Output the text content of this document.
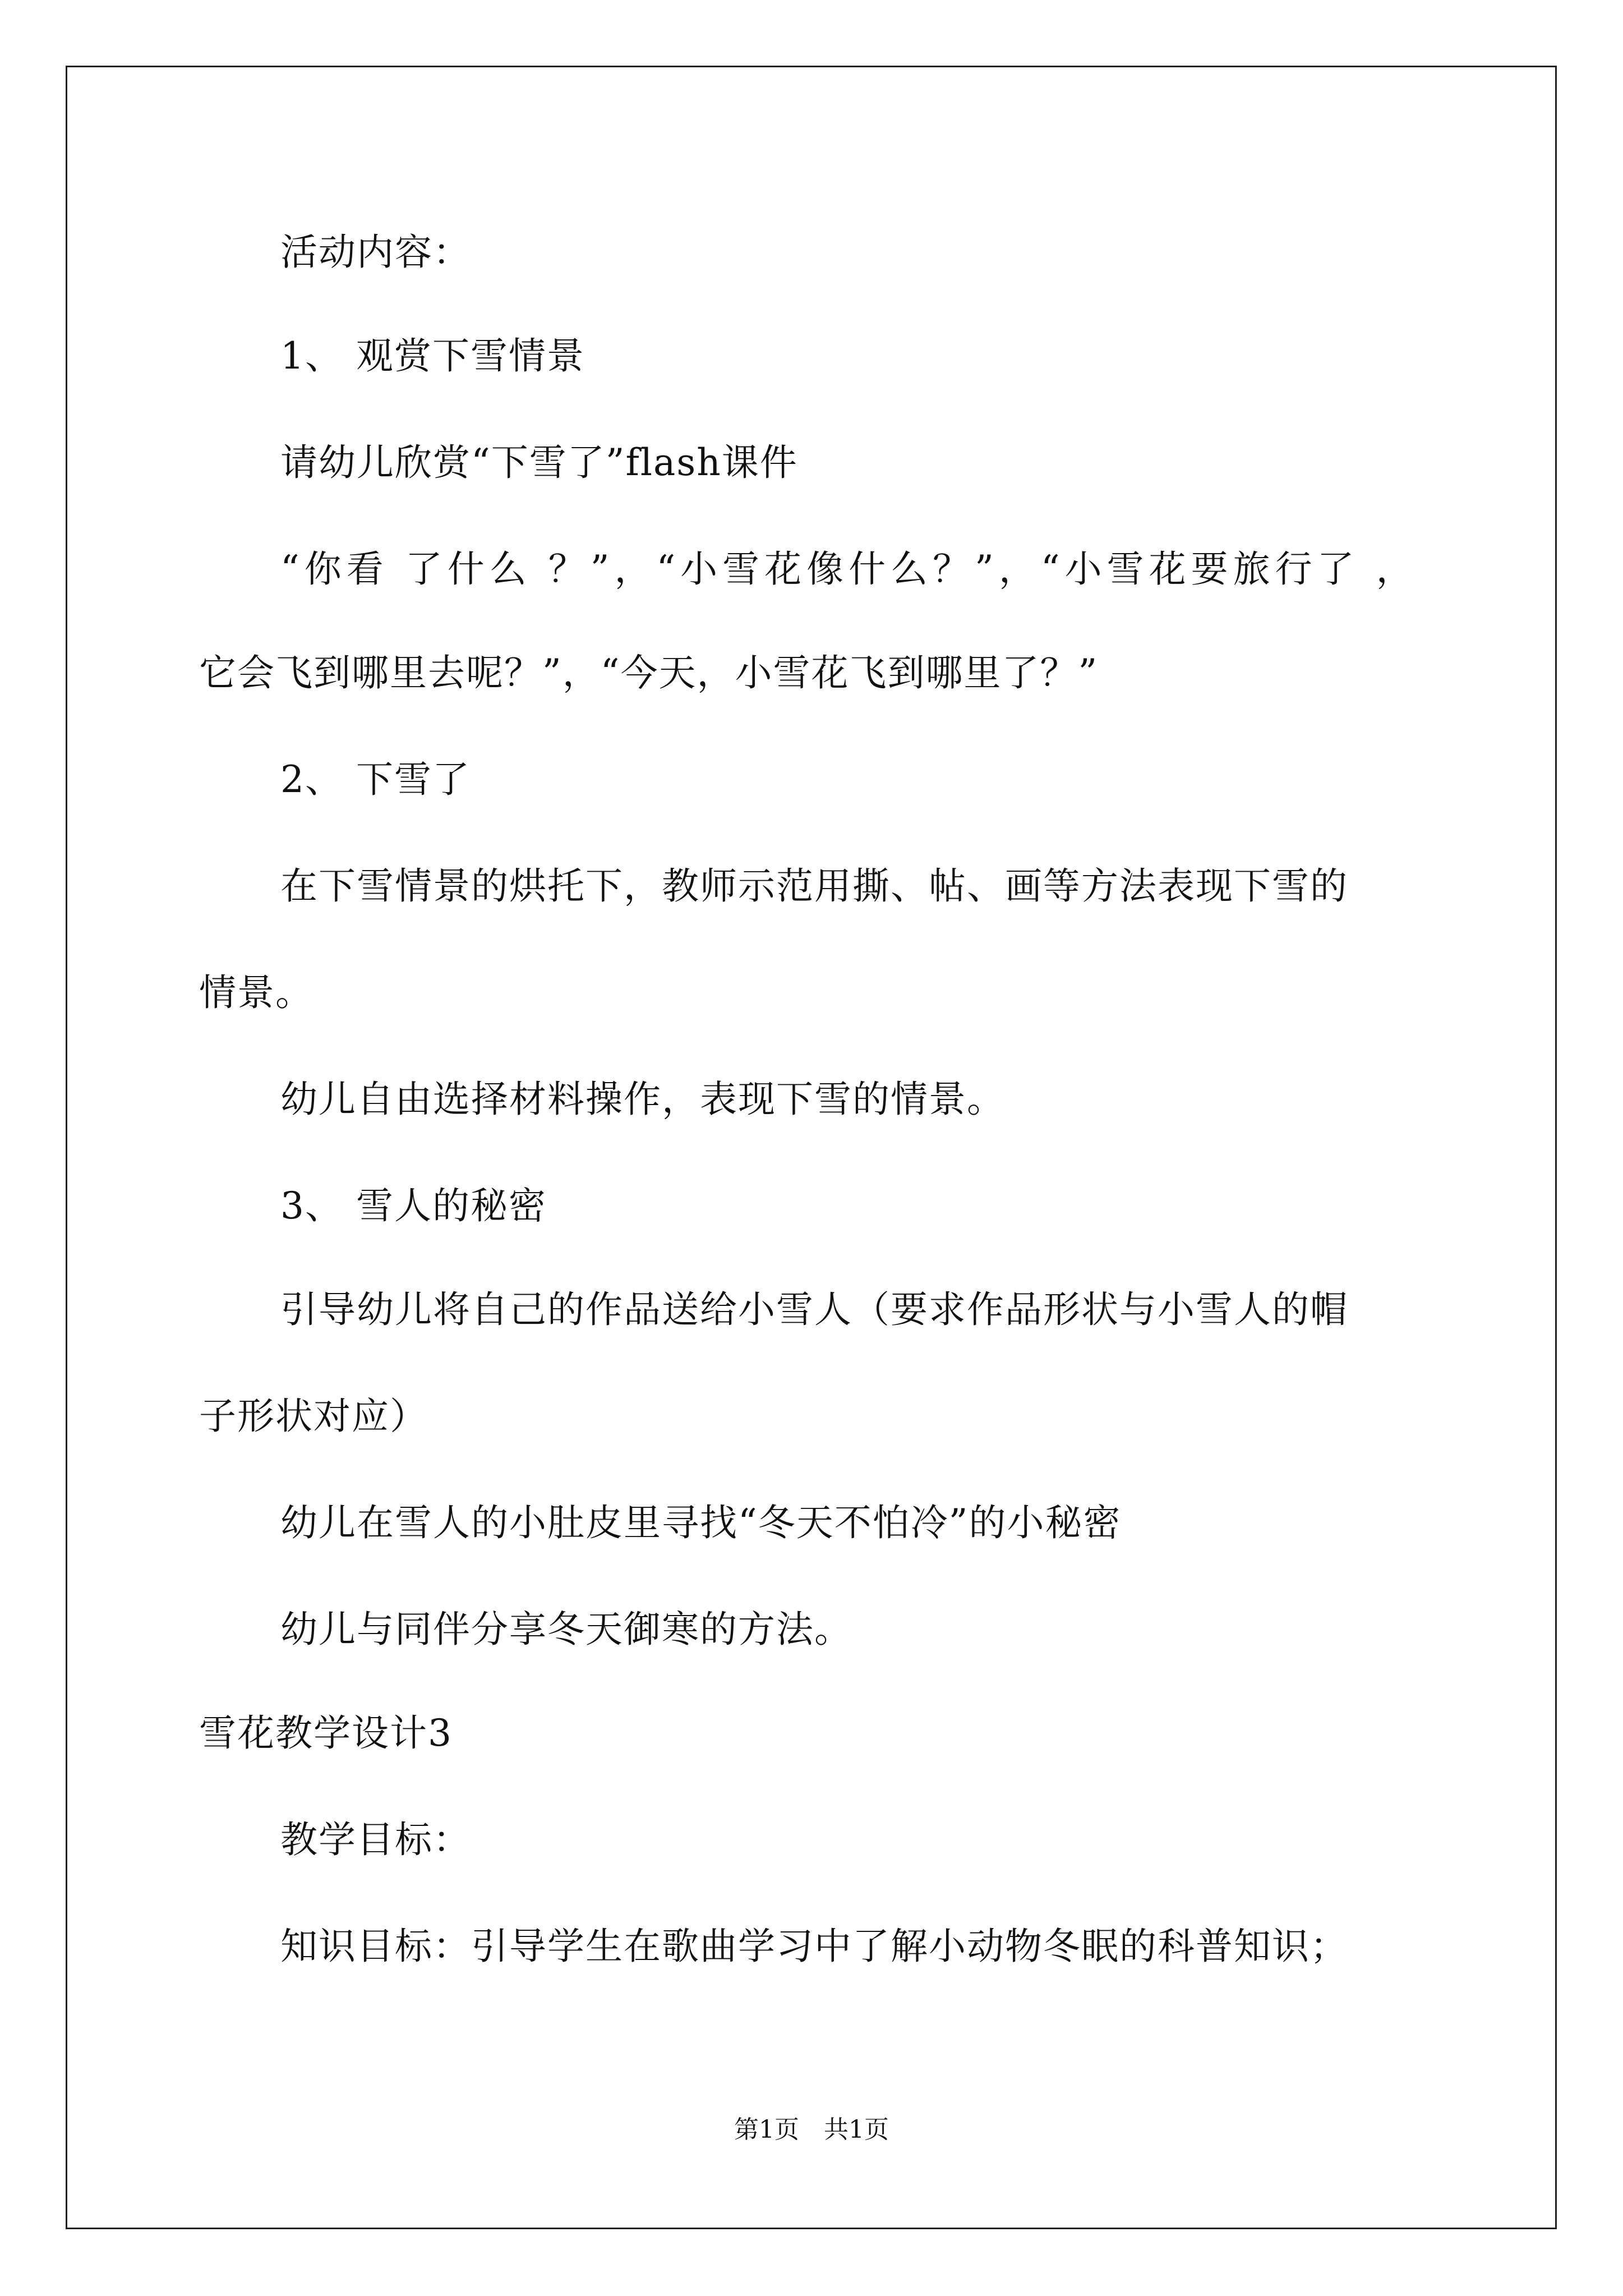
活动内容：
1、 观赏下雪情景
请幼儿欣赏“下雪了”flash课件
“你看 了什么 ？”，“小雪花像什么？”，“小雪花要旅行了 ，
它会飞到哪里去呢？”，“今天，小雪花飞到哪里了？”
2、 下雪了
在下雪情景的烘托下，教师示范用撕、帖、画等方法表现下雪的
情景。
幼儿自由选择材料操作，表现下雪的情景。
3、 雪人的秘密
引导幼儿将自己的作品送给小雪人（要求作品形状与小雪人的帽
子形状对应）
幼儿在雪人的小肚皮里寻找“冬天不怕冷”的小秘密
幼儿与同伴分享冬天御寒的方法。
雪花教学设计3
教学目标：
知识目标：引导学生在歌曲学习中了解小动物冬眠的科普知识；
第1页　共1页
